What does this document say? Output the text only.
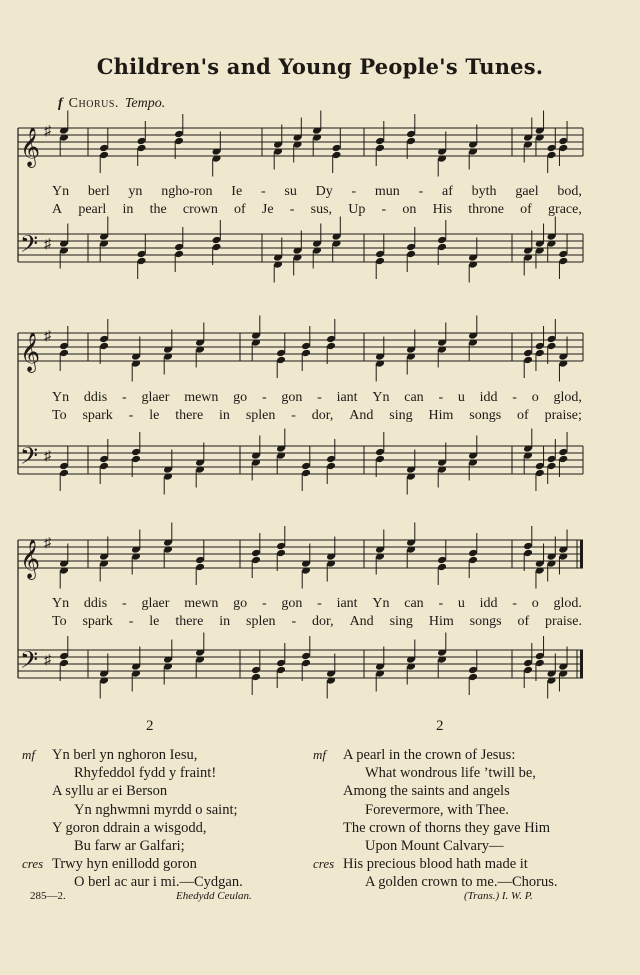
Children's and Young People's Tunes.
f Chorus. Tempo.
𝄞 ♯
𝄢 ♯
𝄞 ♯
𝄢 ♯
𝄞 ♯
𝄢 ♯
Yn berl yn ngho-ron Ie - su Dy - mun - af byth gael bod,
A pearl in the crown of Je - sus, Up - on His throne of grace,
Yn ddis - glaer mewn go - gon - iant Yn can - u idd - o glod,
To spark - le there in splen - dor, And sing Him songs of praise;
Yn ddis - glaer mewn go - gon - iant Yn can - u idd - o glod.
To spark - le there in splen - dor, And sing Him songs of praise.
2	2
mf Yn berl yn nghoron Iesu,
Rhyfeddol fydd y fraint!
A syllu ar ei Berson
Yn nghwmni myrdd o saint;
Y goron ddrain a wisgodd,
Bu farw ar Galfari;
cres Trwy hyn enillodd goron
O berl ac aur i mi.—Cydgan.
mf A pearl in the crown of Jesus:
What wondrous life ’twill be,
Among the saints and angels
Forevermore, with Thee.
The crown of thorns they gave Him
Upon Mount Calvary—
cres His precious blood hath made it
A golden crown to me.—Chorus.
285—2.	Ehedydd Ceulan.	(Trans.) I. W. P.
